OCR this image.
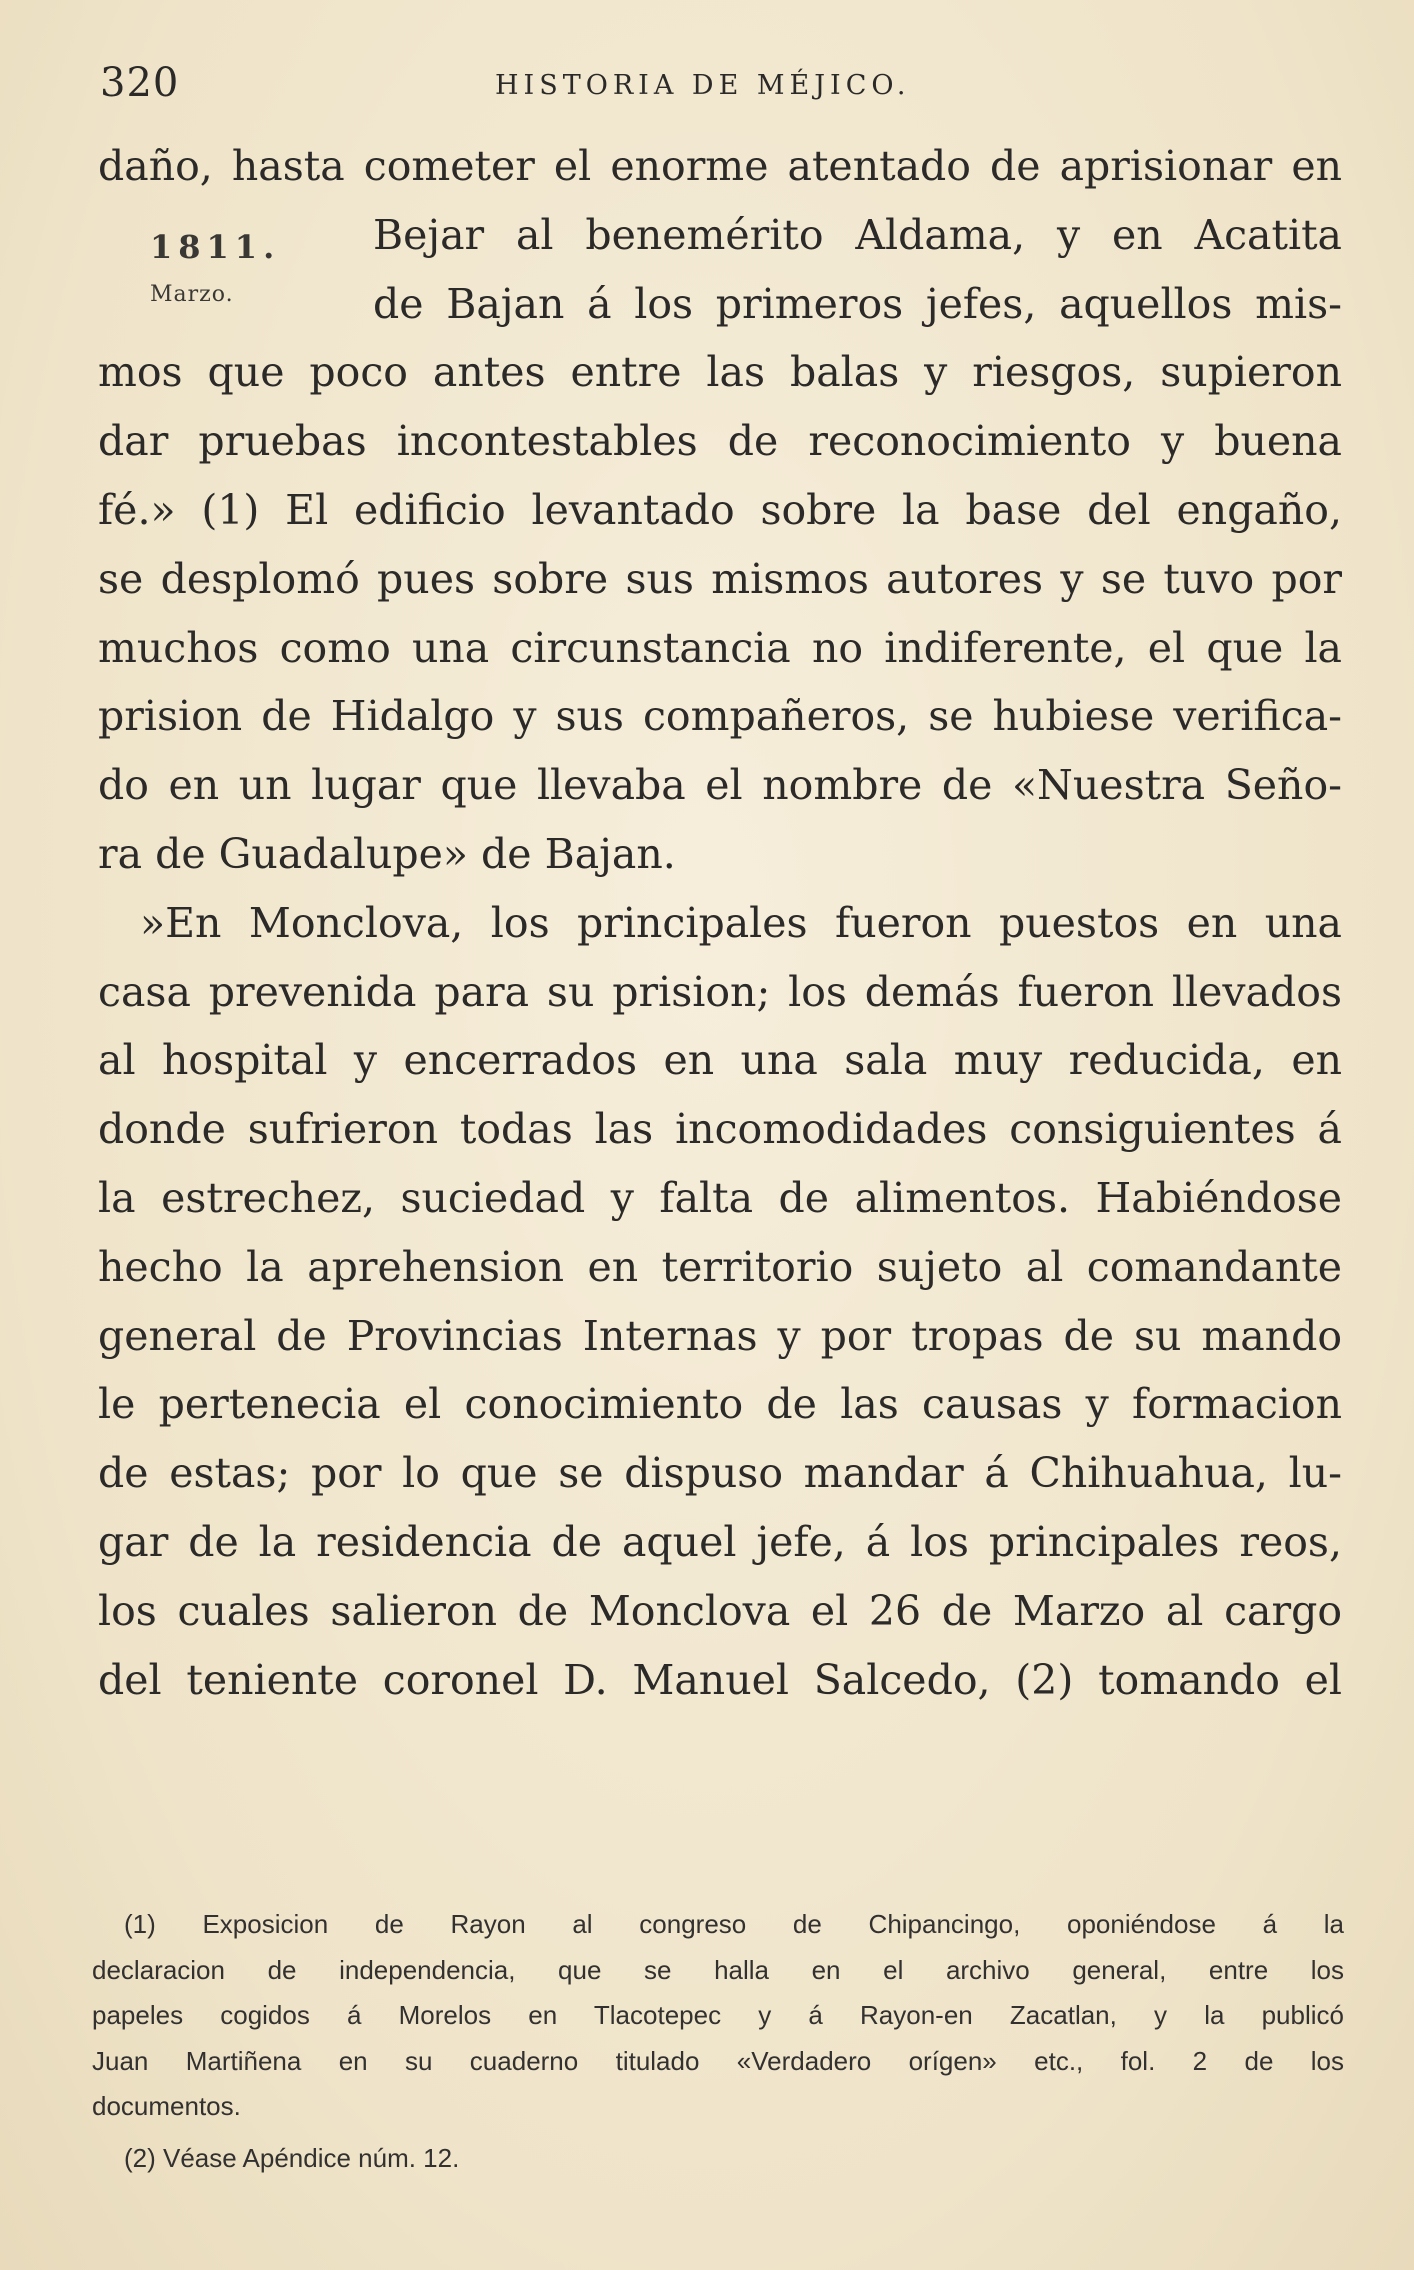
320	HISTORIA DE MÉJICO.
1811.
Marzo.
daño, hasta cometer el enorme atentado de aprisionar en
Bejar al benemérito Aldama, y en Acatita
de Bajan á los primeros jefes, aquellos mis-
mos que poco antes entre las balas y riesgos, supieron
dar pruebas incontestables de reconocimiento y buena
fé.» (1) El edificio levantado sobre la base del engaño,
se desplomó pues sobre sus mismos autores y se tuvo por
muchos como una circunstancia no indiferente, el que la
prision de Hidalgo y sus compañeros, se hubiese verifica-
do en un lugar que llevaba el nombre de «Nuestra Seño-
ra de Guadalupe» de Bajan.
»En Monclova, los principales fueron puestos en una
casa prevenida para su prision; los demás fueron llevados
al hospital y encerrados en una sala muy reducida, en
donde sufrieron todas las incomodidades consiguientes á
la estrechez, suciedad y falta de alimentos. Habiéndose
hecho la aprehension en territorio sujeto al comandante
general de Provincias Internas y por tropas de su mando
le pertenecia el conocimiento de las causas y formacion
de estas; por lo que se dispuso mandar á Chihuahua, lu-
gar de la residencia de aquel jefe, á los principales reos,
los cuales salieron de Monclova el 26 de Marzo al cargo
del teniente coronel D. Manuel Salcedo, (2) tomando el
(1) Exposicion de Rayon al congreso de Chipancingo, oponiéndose á la
declaracion de independencia, que se halla en el archivo general, entre los
papeles cogidos á Morelos en Tlacotepec y á Rayon-en Zacatlan, y la publicó
Juan Martiñena en su cuaderno titulado «Verdadero orígen» etc., fol. 2 de los
documentos.
(2) Véase Apéndice núm. 12.
